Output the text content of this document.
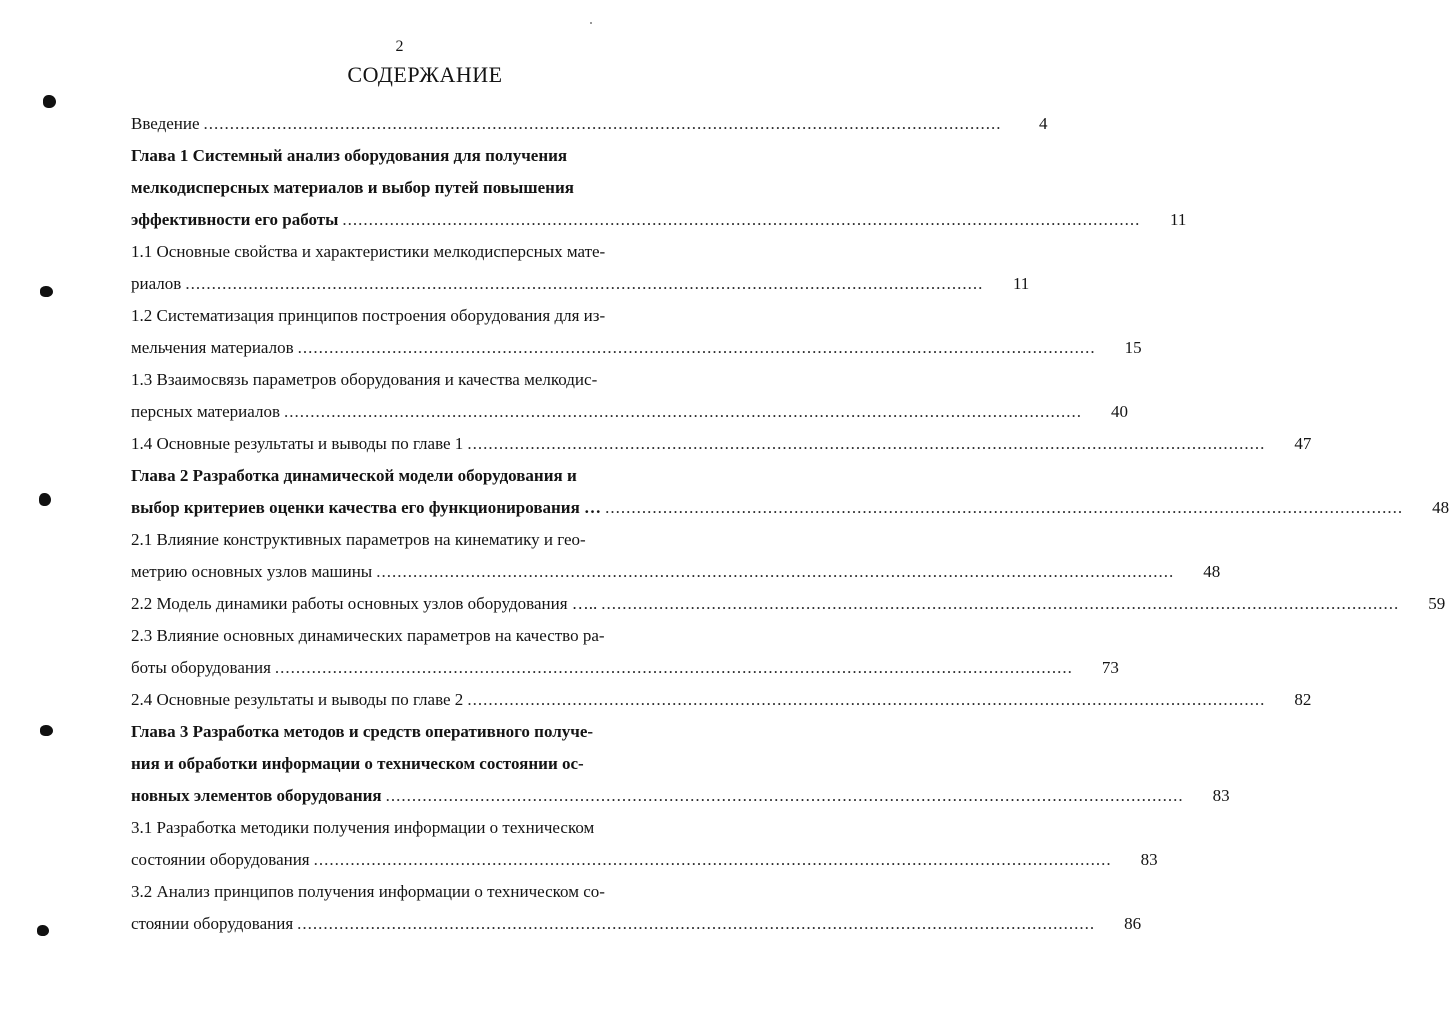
2
СОДЕРЖАНИЕ
Введение .....	4
Глава 1 Системный анализ оборудования для получения
мелкодисперсных материалов и выбор путей повышения
эффективности его работы .....	11
1.1 Основные свойства и характеристики мелкодисперсных мате-
риалов .....	11
1.2 Систематизация принципов построения оборудования для из-
мельчения материалов .....	15
1.3 Взаимосвязь параметров оборудования и качества мелкодис-
персных материалов .....	40
1.4 Основные результаты и выводы по главе 1 .....	47
Глава 2 Разработка динамической модели оборудования и
выбор критериев оценки качества его функционирования … .....	48
2.1 Влияние конструктивных параметров на кинематику и гео-
метрию основных узлов машины .....	48
2.2 Модель динамики работы основных узлов оборудования ….. .....	59
2.3 Влияние основных динамических параметров на качество ра-
боты оборудования .....	73
2.4 Основные результаты и выводы по главе 2 .....	82
Глава 3 Разработка методов и средств оперативного получе-
ния и обработки информации о техническом состоянии ос-
новных элементов оборудования .....	83
3.1 Разработка методики получения информации о техническом
состоянии оборудования .....	83
3.2 Анализ принципов получения информации о техническом со-
стоянии оборудования .....	86
